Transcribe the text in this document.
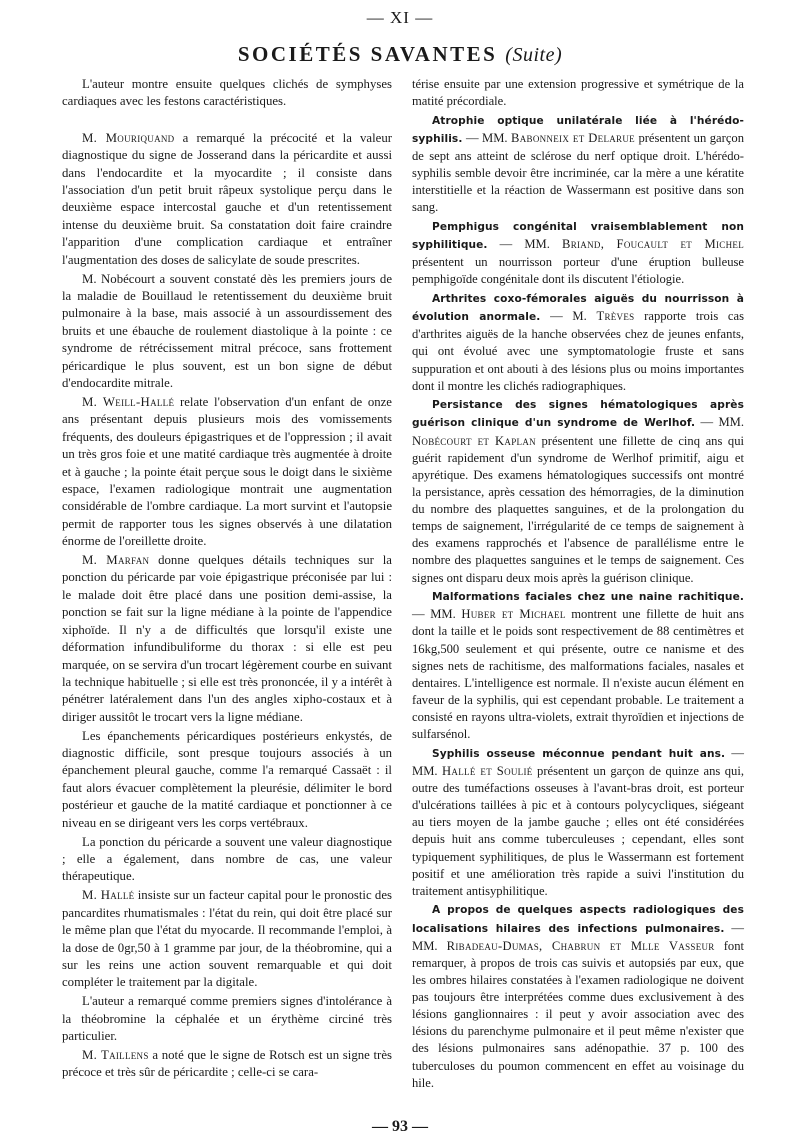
— XI —
SOCIÉTÉS SAVANTES (Suite)

L'auteur montre ensuite quelques clichés de symphyses cardiaques avec les festons caractéristiques.

M. Mouriquand a remarqué la précocité et la valeur diagnostique du signe de Josserand dans la péricardite et aussi dans l'endocardite et la myocardite ; il consiste dans l'association d'un petit bruit râpeux systolique perçu dans le deuxième espace intercostal gauche et d'un retentissement intense du deuxième bruit. Sa constatation doit faire craindre l'apparition d'une complication cardiaque et entraîner l'augmentation des doses de salicylate de soude prescrites.

M. Nobécourt a souvent constaté dès les premiers jours de la maladie de Bouillaud le retentissement du deuxième bruit pulmonaire à la base, mais associé à un assourdissement des bruits et une ébauche de roulement diastolique à la pointe : ce syndrome de rétrécissement mitral précoce, sans frottement péricardique le plus souvent, est un bon signe de début d'endocardite mitrale.

M. Weill-Hallé relate l'observation d'un enfant de onze ans présentant depuis plusieurs mois des vomissements fréquents, des douleurs épigastriques et de l'oppression ; il avait un très gros foie et une matité cardiaque très augmentée à droite et à gauche ; la pointe était perçue sous le doigt dans le sixième espace, l'examen radiologique montrait une augmentation considérable de l'ombre cardiaque. La mort survint et l'autopsie permit de rapporter tous les signes observés à une dilatation énorme de l'oreillette droite.

M. Marfan donne quelques détails techniques sur la ponction du péricarde par voie épigastrique préconisée par lui : le malade doit être placé dans une position demi-assise, la ponction se fait sur la ligne médiane à la pointe de l'appendice xiphoïde. Il n'y a de difficultés que lorsqu'il existe une déformation infundibuliforme du thorax : si elle est peu marquée, on se servira d'un trocart légèrement courbe en suivant la technique habituelle ; si elle est très prononcée, il y a intérêt à pénétrer latéralement dans l'un des angles xipho-costaux et à diriger aussitôt le trocart vers la ligne médiane.

Les épanchements péricardiques postérieurs enkystés, de diagnostic difficile, sont presque toujours associés à un épanchement pleural gauche, comme l'a remarqué Cassaët : il faut alors évacuer complètement la pleurésie, délimiter le bord postérieur et gauche de la matité cardiaque et ponctionner à ce niveau en se dirigeant vers les corps vertébraux.

La ponction du péricarde a souvent une valeur diagnostique ; elle a également, dans nombre de cas, une valeur thérapeutique.

M. Hallé insiste sur un facteur capital pour le pronostic des pancardites rhumatismales : l'état du rein, qui doit être placé sur le même plan que l'état du myocarde. Il recommande l'emploi, à la dose de 0gr,50 à 1 gramme par jour, de la théobromine, qui a sur les reins une action souvent remarquable et qui doit compléter le traitement par la digitale.

L'auteur a remarqué comme premiers signes d'intolérance à la théobromine la céphalée et un érythème circiné très particulier.

M. Taillens a noté que le signe de Rotsch est un signe très précoce et très sûr de péricardite ; celle-ci se cara-

térise ensuite par une extension progressive et symétrique de la matité précordiale.

Atrophie optique unilatérale liée à l'hérédo-syphilis. — MM. Babonneix et Delarue présentent un garçon de sept ans atteint de sclérose du nerf optique droit. L'hérédo-syphilis semble devoir être incriminée, car la mère a une kératite interstitielle et la réaction de Wassermann est positive dans son sang.

Pemphigus congénital vraisemblablement non syphilitique. — MM. Briand, Foucault et Michel présentent un nourrisson porteur d'une éruption bulleuse pemphigoïde congénitale dont ils discutent l'étiologie.

Arthrites coxo-fémorales aiguës du nourrisson à évolution anormale. — M. Trèves rapporte trois cas d'arthrites aiguës de la hanche observées chez de jeunes enfants, qui ont évolué avec une symptomatologie fruste et sans suppuration et ont abouti à des lésions plus ou moins importantes dont il montre les clichés radiographiques.

Persistance des signes hématologiques après guérison clinique d'un syndrome de Werlhof. — MM. Nobécourt et Kaplan présentent une fillette de cinq ans qui guérit rapidement d'un syndrome de Werlhof primitif, aigu et apyrétique. Des examens hématologiques successifs ont montré la persistance, après cessation des hémorragies, de la diminution du nombre des plaquettes sanguines, et de la prolongation du temps de saignement, l'irrégularité de ce temps de saignement à des examens rapprochés et l'absence de parallélisme entre le nombre des plaquettes sanguines et le temps de saignement. Ces signes ont disparu deux mois après la guérison clinique.

Malformations faciales chez une naine rachitique. — MM. Huber et Michael montrent une fillette de huit ans dont la taille et le poids sont respectivement de 88 centimètres et 16kg,500 seulement et qui présente, outre ce nanisme et des signes nets de rachitisme, des malformations faciales, nasales et dentaires. L'intelligence est normale. Il n'existe aucun élément en faveur de la syphilis, qui est cependant probable. Le traitement a consisté en rayons ultra-violets, extrait thyroïdien et injections de sulfarsénol.

Syphilis osseuse méconnue pendant huit ans. — MM. Hallé et Soulié présentent un garçon de quinze ans qui, outre des tuméfactions osseuses à l'avant-bras droit, est porteur d'ulcérations taillées à pic et à contours polycycliques, siégeant au tiers moyen de la jambe gauche ; elles ont été considérées depuis huit ans comme tuberculeuses ; cependant, elles sont typiquement syphilitiques, de plus le Wassermann est fortement positif et une amélioration très rapide a suivi l'institution du traitement antisyphilitique.

A propos de quelques aspects radiologiques des localisations hilaires des infections pulmonaires. — MM. Ribadeau-Dumas, Chabrun et Mlle Vasseur font remarquer, à propos de trois cas suivis et autopsiés par eux, que les ombres hilaires constatées à l'examen radiologique ne doivent pas toujours être interprétées comme dues exclusivement à des lésions ganglionnaires : il peut y avoir association avec des lésions du parenchyme pulmonaire et il peut même n'exister que des lésions pulmonaires sans adénopathie. 37 p. 100 des tuberculoses du poumon commencent en effet au voisinage du hile.

— 93 —
